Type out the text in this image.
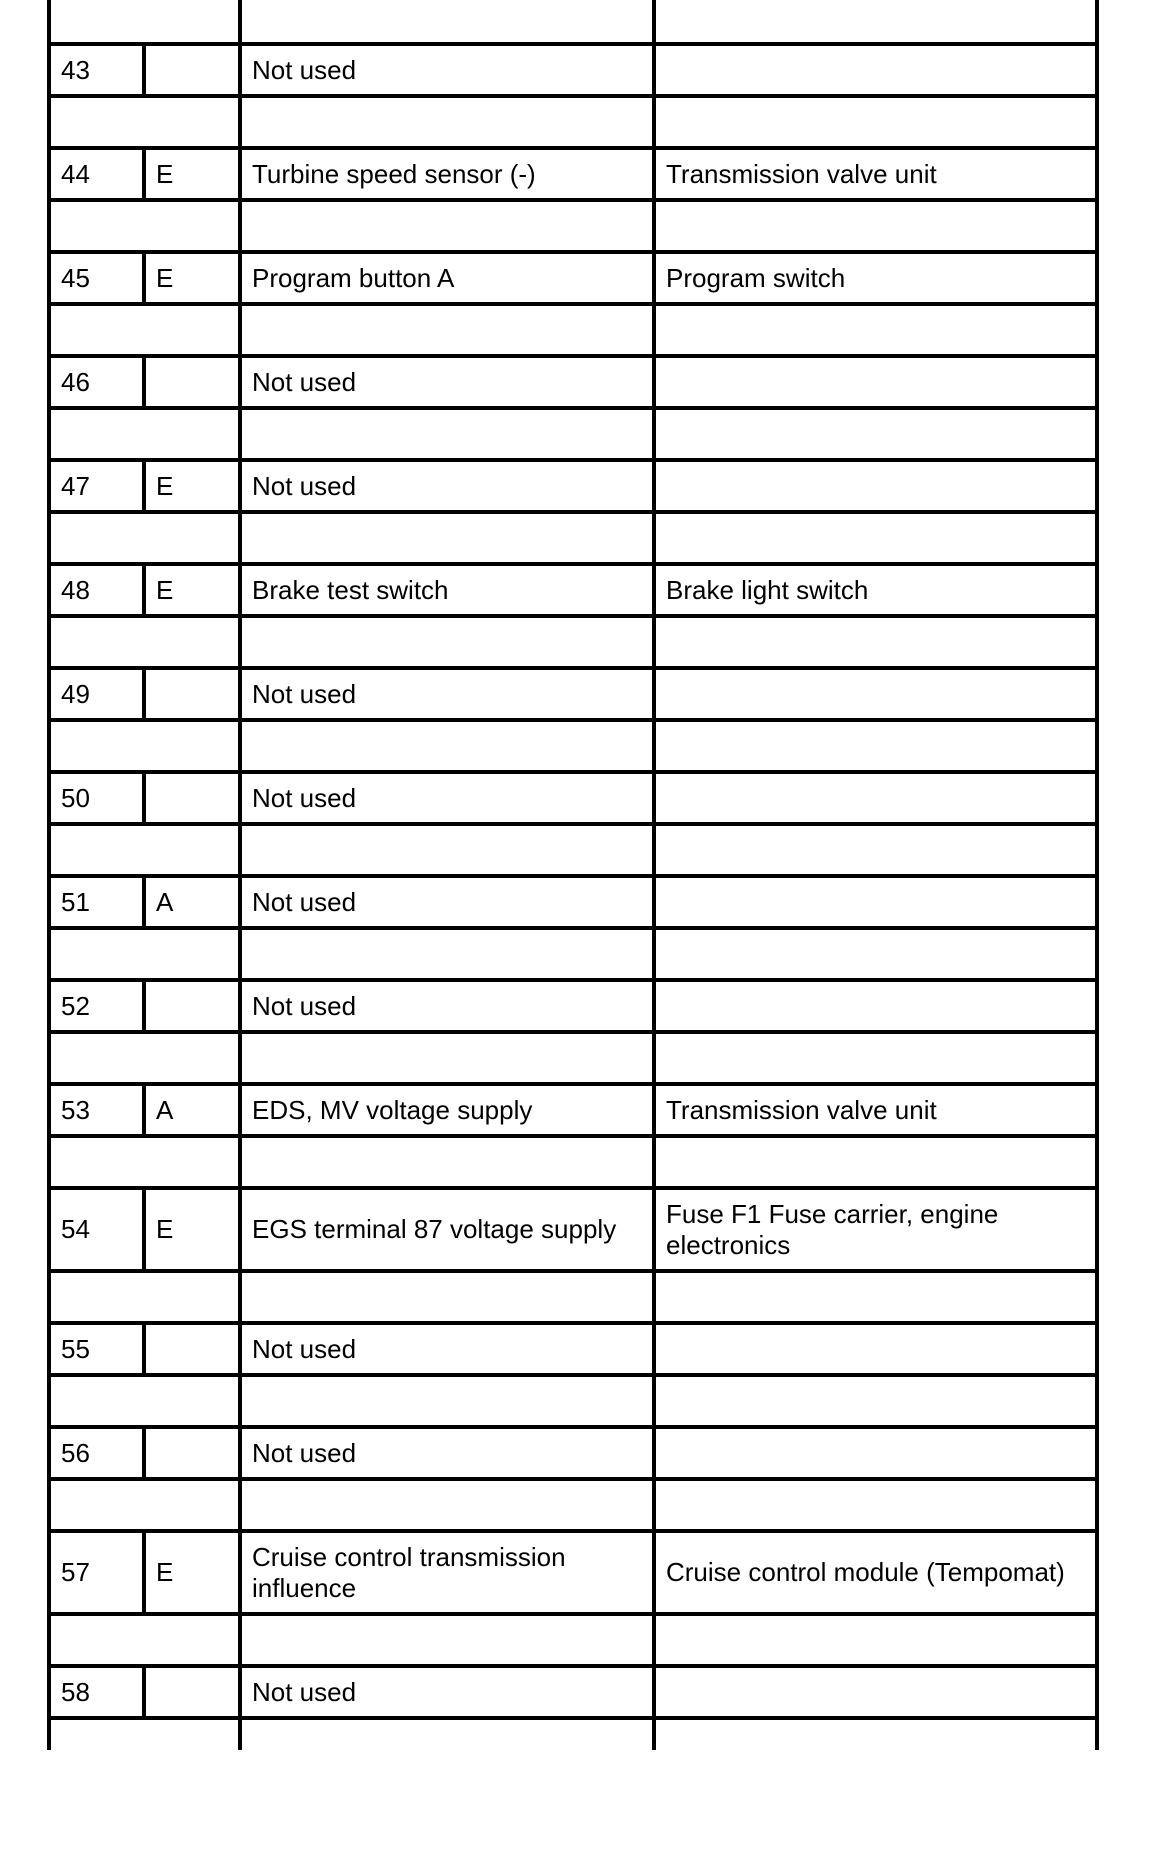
43		Not used	

44	E	Turbine speed sensor (-)	Transmission valve unit

45	E	Program button A	Program switch

46		Not used	

47	E	Not used	

48	E	Brake test switch	Brake light switch

49		Not used	

50		Not used	

51	A	Not used	

52		Not used	

53	A	EDS, MV voltage supply	Transmission valve unit

54	E	EGS terminal 87 voltage supply	Fuse F1 Fuse carrier, engine electronics

55		Not used	

56		Not used	

57	E	Cruise control transmission influence	Cruise control module (Tempomat)

58		Not used	
